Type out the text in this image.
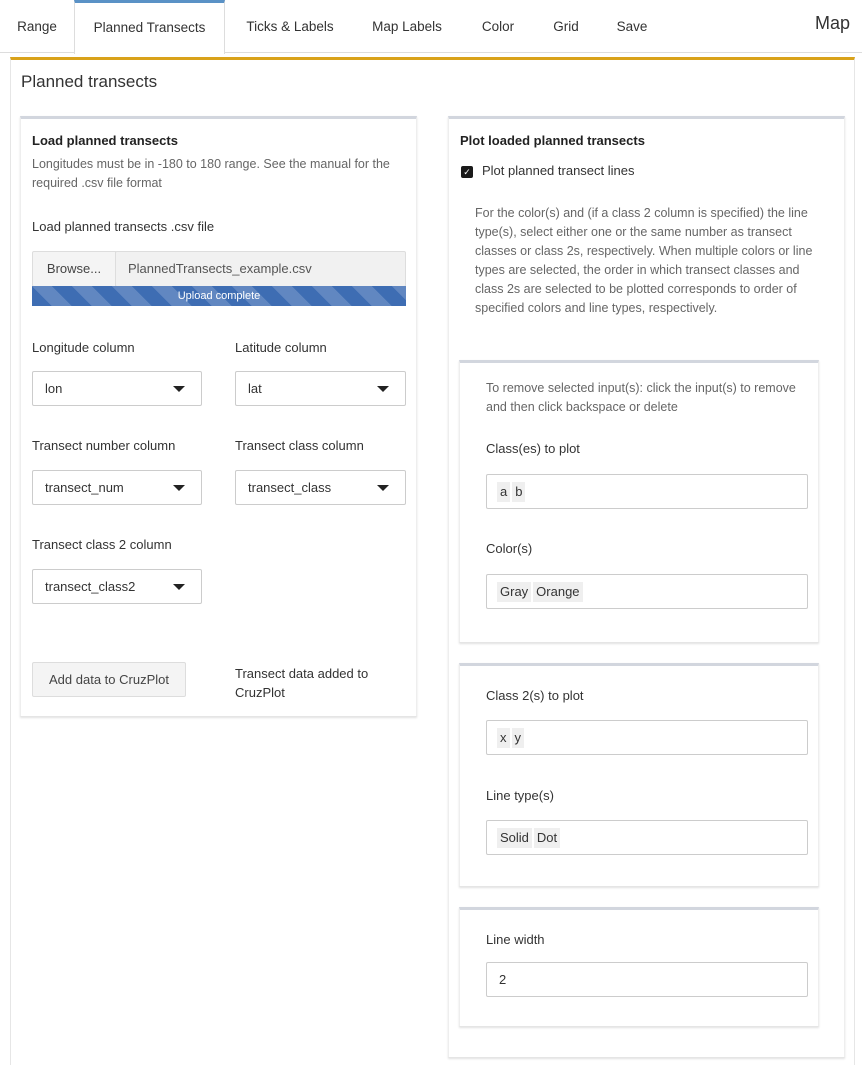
Range	Planned Transects	Ticks & Labels	Map Labels	Color	Grid	Save	Map
Planned transects
Load planned transects
Longitudes must be in -180 to 180 range. See the manual for the required .csv file format
Load planned transects .csv file
Browse...	PlannedTransects_example.csv
Upload complete
Longitude column	Latitude column
lon	lat
Transect number column	Transect class column
transect_num	transect_class
Transect class 2 column
transect_class2
Add data to CruzPlot	Transect data added to CruzPlot
Plot loaded planned transects
✓ Plot planned transect lines
For the color(s) and (if a class 2 column is specified) the line type(s), select either one or the same number as transect classes or class 2s, respectively. When multiple colors or line types are selected, the order in which transect classes and class 2s are selected to be plotted corresponds to order of specified colors and line types, respectively.
To remove selected input(s): click the input(s) to remove and then click backspace or delete
Class(es) to plot
a b
Color(s)
Gray Orange
Class 2(s) to plot
x y
Line type(s)
Solid Dot
Line width
2
